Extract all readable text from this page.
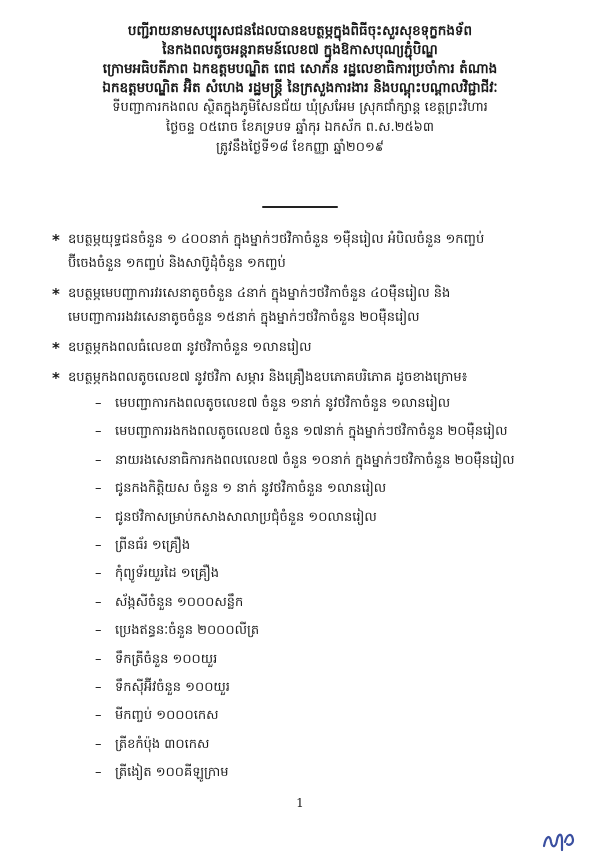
បញ្ជីរាយនាមសប្បុរសជនដែលបានឧបត្ថម្ភក្នុងពិធីចុះសួរសុខទុក្ខកងទ័ព

នៃកងពលតូចអន្តរាគមន៍លេខ៧ ក្នុងឱកាសបុណ្យភ្ជុំបិណ្ឌ

ក្រោមអធិបតីភាព ឯកឧត្តមបណ្ឌិត ពេជ សោភ័ន រដ្ឋលេខាធិការប្រចាំការ តំណាង

ឯកឧត្តមបណ្ឌិត អ៊ិត សំហេង រដ្ឋមន្ត្រី នៃក្រសួងការងារ និងបណ្តុះបណ្តាលវិជ្ជាជីវៈ

ទីបញ្ជាការកងពល ស្ថិតក្នុងភូមិសែនជ័យ ឃុំស្រអែម ស្រុកជាំក្សាន្ត ខេត្តព្រះវិហារ

ថ្ងៃចន្ទ ០៥រោច ខែភទ្របទ ឆ្នាំកុរ ឯកស័ក ព.ស.២៥៦៣

ត្រូវនឹងថ្ងៃទី១៨ ខែកញ្ញា ឆ្នាំ២០១៩

* ឧបត្ថម្ភយុទ្ធជនចំនួន ១ ៤០០នាក់ ក្នុងម្នាក់ៗថវិកាចំនួន ១ម៉ឺនរៀល អំបិលចំនួន ១កញ្ចប់
ប៊ីចេងចំនួន ១កញ្ចប់ និងសាប៊ូដុំចំនួន ១កញ្ចប់
* ឧបត្ថម្ភមេបញ្ជាការវរសេនាតូចចំនួន ៤នាក់ ក្នុងម្នាក់ៗថវិកាចំនួន ៤០ម៉ឺនរៀល និង
មេបញ្ជាការរងវរសេនាតូចចំនួន ១៥នាក់ ក្នុងម្នាក់ៗថវិកាចំនួន ២០ម៉ឺនរៀល
* ឧបត្ថម្ភកងពលធំលេខ៣ នូវថវិកាចំនួន ១លានរៀល
* ឧបត្ថម្ភកងពលតូចលេខ៧ នូវថវិកា សម្ភារ និងគ្រឿងឧបភោគបរិភោគ ដូចខាងក្រោម៖
– មេបញ្ជាការកងពលតូចលេខ៧ ចំនួន ១នាក់ នូវថវិកាចំនួន ១លានរៀល
– មេបញ្ជាការរងកងពលតូចលេខ៧ ចំនួន ១៧នាក់ ក្នុងម្នាក់ៗថវិកាចំនួន ២០ម៉ឺនរៀល
– នាយរងសេនាធិការកងពលលេខ៧ ចំនួន ១០នាក់ ក្នុងម្នាក់ៗថវិកាចំនួន ២០ម៉ឺនរៀល
– ជូនកងកិត្តិយស ចំនួន ១ នាក់ នូវថវិកាចំនួន ១លានរៀល
– ជូនថវិកាសម្រាប់កសាងសាលាប្រជុំចំនួន ១០លានរៀល
– ព្រីនធ័រ ១គ្រឿង
– កុំព្យូទ័រយួរដៃ ១គ្រឿង
– ស័ង្កសីចំនួន ១០០០សន្លឹក
– ប្រេងឥន្ធនៈចំនួន ២០០០លីត្រ
– ទឹកត្រីចំនួន ១០០យួរ
– ទឹកស៊ីអ៊ីវចំនួន ១០០យួរ
– មីកញ្ចប់ ១០០០កេស
– ត្រីខកំប៉ុង ៣០កេស
– ត្រីងៀត ១០០គីឡូក្រាម
1
